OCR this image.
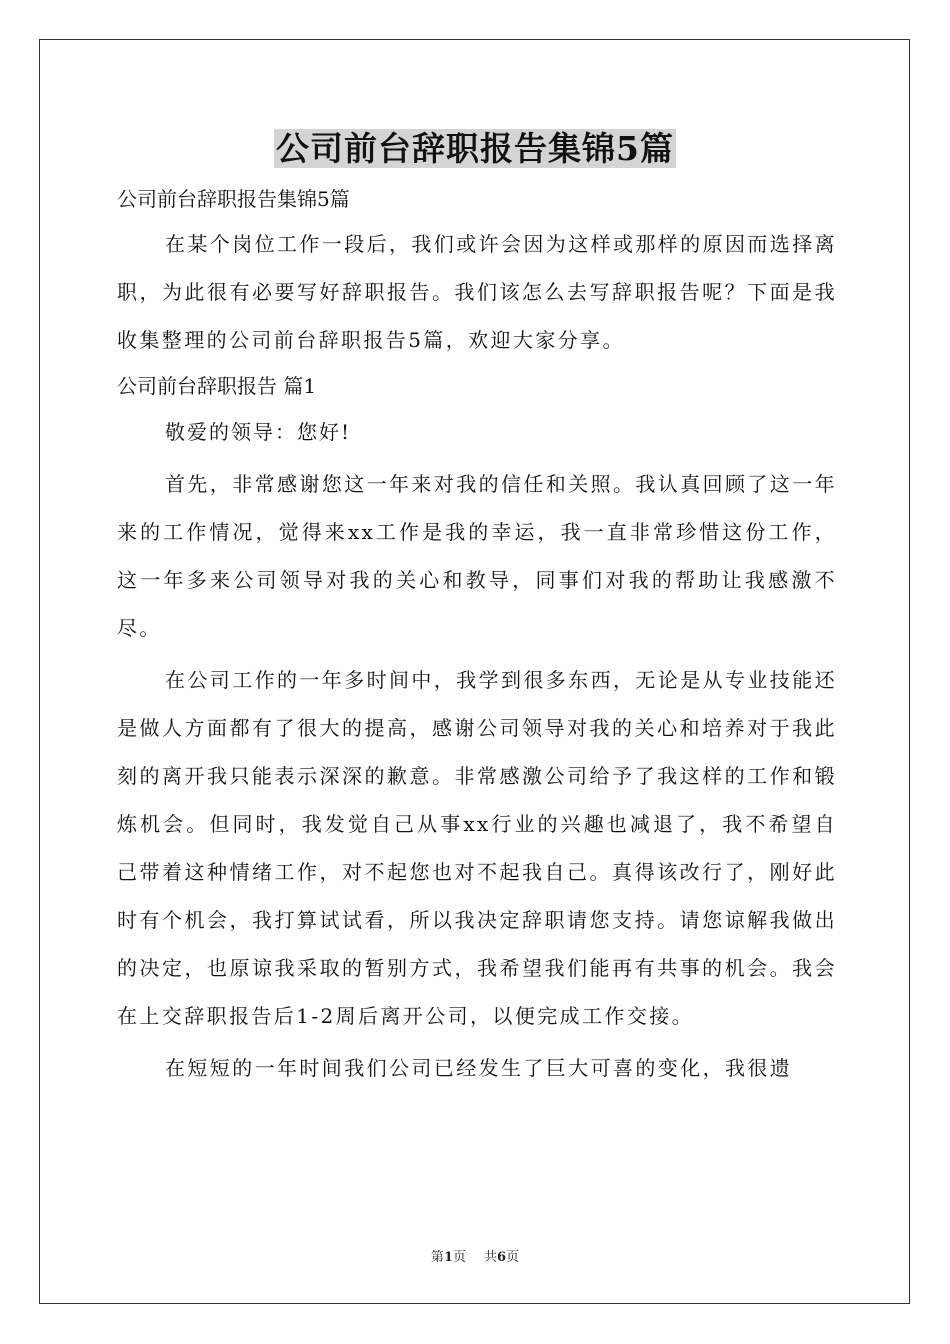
公司前台辞职报告集锦5篇
公司前台辞职报告集锦5篇

在某个岗位工作一段后，我们或许会因为这样或那样的原因而选择离职，为此很有必要写好辞职报告。我们该怎么去写辞职报告呢？下面是我收集整理的公司前台辞职报告5篇，欢迎大家分享。

公司前台辞职报告 篇1

敬爱的领导：您好!

首先，非常感谢您这一年来对我的信任和关照。我认真回顾了这一年来的工作情况，觉得来xx工作是我的幸运，我一直非常珍惜这份工作，这一年多来公司领导对我的关心和教导，同事们对我的帮助让我感激不尽。

在公司工作的一年多时间中，我学到很多东西，无论是从专业技能还是做人方面都有了很大的提高，感谢公司领导对我的关心和培养对于我此刻的离开我只能表示深深的歉意。非常感激公司给予了我这样的工作和锻炼机会。但同时，我发觉自己从事xx行业的兴趣也减退了，我不希望自己带着这种情绪工作，对不起您也对不起我自己。真得该改行了，刚好此时有个机会，我打算试试看，所以我决定辞职请您支持。请您谅解我做出的决定，也原谅我采取的暂别方式，我希望我们能再有共事的机会。我会在上交辞职报告后1-2周后离开公司，以便完成工作交接。

在短短的一年时间我们公司已经发生了巨大可喜的变化，我很遗

第1页 共6页
